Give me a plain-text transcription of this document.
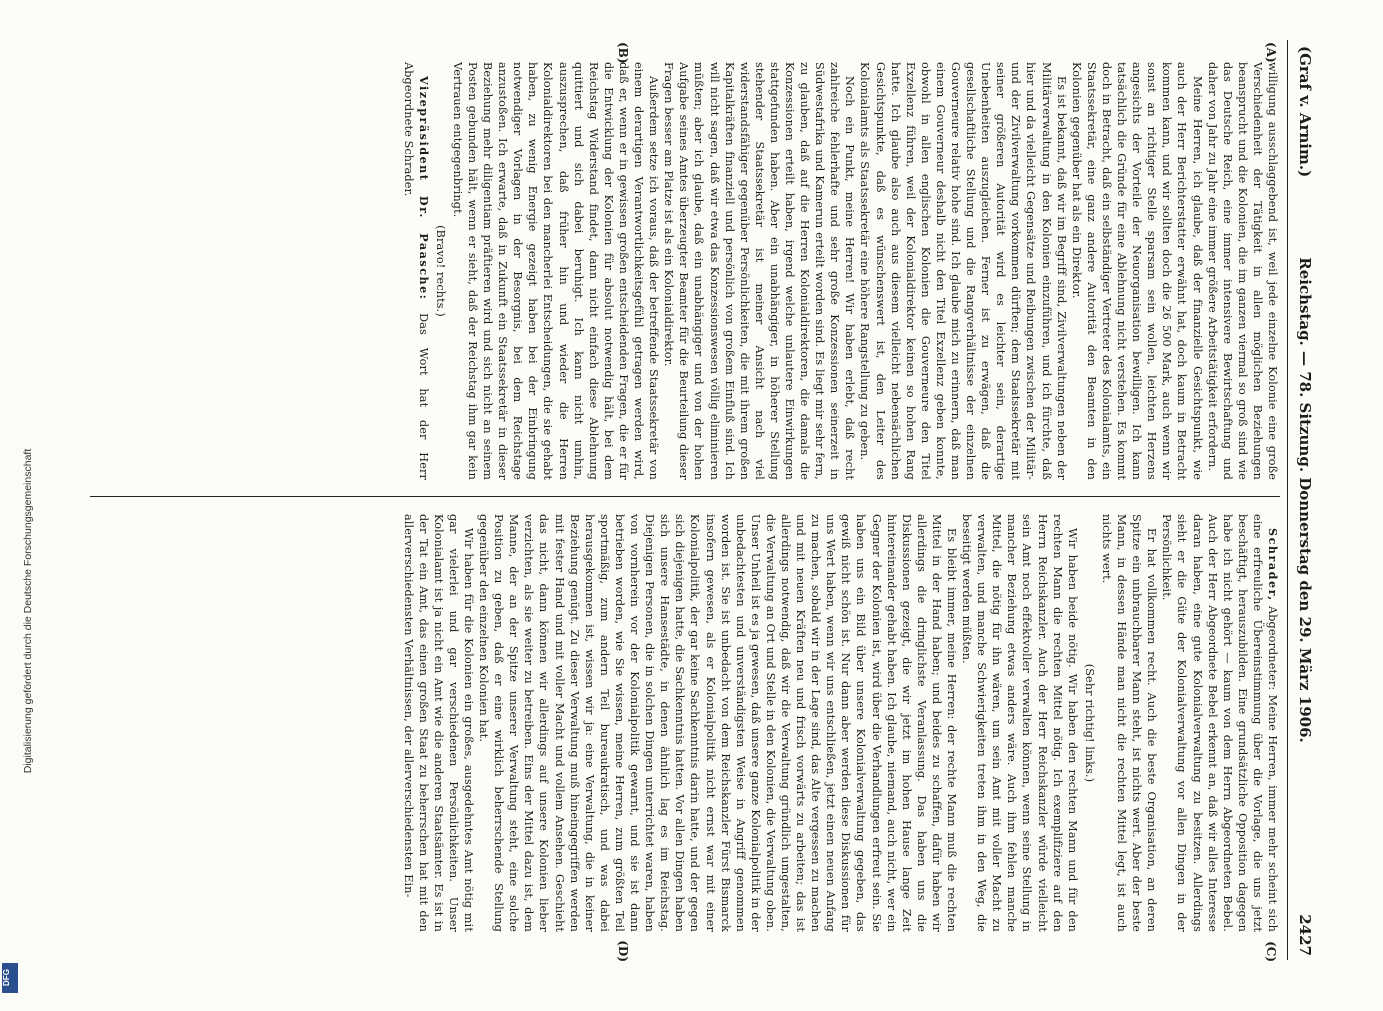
Digitalisierung gefördert durch die Deutsche Forschungsgemeinschaft
DFG
(Graf v. Arnim.)
Reichstag. — 78. Sitzung. Donnerstag den 29. März 1906.
2427
(A)
(B)
(C)
(D)

willigung ausschlaggebend ist, weil jede einzelne Kolonie eine große Verschiedenheit der Tätigkeit in allen möglichen Beziehungen beansprucht und die Kolonien, die im ganzen viermal so groß sind wie das Deutsche Reich, eine immer intensivere Bewirtschaftung und daher von Jahr zu Jahr eine immer größere Arbeitstätigkeit erfordern.

Meine Herren, ich glaube, daß der finanzielle Gesichtspunkt, wie auch der Herr Berichterstatter erwähnt hat, doch kaum in Betracht kommen kann, und wir sollten doch die 26 500 Mark, auch wenn wir sonst an richtiger Stelle sparsam sein wollen, leichten Herzens angesichts der Vorteile der Neuorganisation bewilligen. Ich kann tatsächlich die Gründe für eine Ablehnung nicht verstehen. Es kommt doch in Betracht, daß ein selbständiger Vertreter des Kolonialamts, ein Staatssekretär, eine ganz andere Autorität den Beamten in den Kolonien gegenüber hat als ein Direktor.

Es ist bekannt, daß wir im Begriff sind, Zivilverwaltungen neben der Militärverwaltung in den Kolonien einzuführen, und ich fürchte, daß hier und da vielleicht Gegensätze und Reibungen zwischen der Militär- und der Zivilverwaltung vorkommen dürften; dem Staatssekretär mit seiner größeren Autorität wird es leichter sein, derartige Unebenheiten auszugleichen. Ferner ist zu erwägen, daß die gesellschaftliche Stellung und die Rangverhältnisse der einzelnen Gouverneure relativ hohe sind. Ich glaube mich zu erinnern, daß man einem Gouverneur deshalb nicht den Titel Exzellenz geben konnte, obwohl in allen englischen Kolonien die Gouverneure den Titel Exzellenz führen, weil der Kolonialdirektor keinen so hohen Rang hatte. Ich glaube also auch aus diesem vielleicht nebensächlichen Gesichtspunkte, daß es wünschenswert ist, den Leiter des Kolonialamts als Staatssekretär eine höhere Rangstellung zu geben.

Noch ein Punkt, meine Herren! Wir haben erlebt, daß recht zahlreiche fehlerhafte und sehr große Konzessionen seinerzeit in Südwestafrika und Kamerun erteilt worden sind. Es liegt mir sehr fern, zu glauben, daß auf die Herren Kolonialdirektoren, die damals die Konzessionen erteilt haben, irgend welche unlautere Einwirkungen stattgefunden haben. Aber ein unabhängiger, in höherer Stellung stehender Staatssekretär ist meiner Ansicht nach viel widerstandsfähiger gegenüber Persönlichkeiten, die mit ihrem großen Kapitalkräften finanziell und persönlich von großem Einfluß sind. Ich will nicht sagen, daß wir etwa das Konzessionswesen völlig eliminieren müßten; aber ich glaube, daß ein unabhängiger und von der hohen Aufgabe seines Amtes überzeugter Beamter für die Beurteilung dieser Fragen besser am Platze ist als ein Kolonialdirektor.

Außerdem setze ich voraus, daß der betreffende Staatssekretär von einem derartigen Verantwortlichkeitsgefühl getragen werden wird, daß er, wenn er in gewissen großen entscheidenden Fragen, die er für die Entwicklung der Kolonien für absolut notwendig hält, bei dem Reichstag Widerstand findet, dann nicht einfach diese Ablehnung quittiert und sich dabei beruhigt. Ich kann nicht umhin, auszusprechen, daß früher hin und wieder die Herren Kolonialdirektoren bei den mancherlei Entscheidungen, die sie gehabt haben, zu wenig Energie gezeigt haben bei der Einbringung notwendiger Vorlagen in der Besorgnis, bei dem Reichstage anzustoßen. Ich erwarte, daß in Zukunft ein Staatssekretär in dieser Beziehung mehr diligentiam präftieren wird und sich nicht an seinem Posten gebunden hält, wenn er sieht, daß der Reichstag ihm gar kein Vertrauen entgegenbringt.

(Bravo! rechts.)

Vizepräsident Dr. Paasche: Das Wort hat der Herr Abgeordnete Schrader.

Schrader, Abgeordneter: Meine Herren, immer mehr scheint sich eine erfreuliche Übereinstimmung über die Vorlage, die uns jetzt beschäftigt, herauszubilden. Eine grundsätzliche Opposition dagegen habe ich nicht gehört — kaum von dem Herrn Abgeordneten Bebel. Auch der Herr Abgeordnete Bebel erkennt an, daß wir alles Interesse daran haben, eine gute Kolonialverwaltung zu besitzen. Allerdings sieht er die Güte der Kolonialverwaltung vor allen Dingen in der Persönlichkeit.

Er hat vollkommen recht. Auch die beste Organisation, an deren Spitze ein unbrauchbarer Mann steht, ist nichts wert. Aber der beste Mann, in dessen Hände man nicht die rechten Mittel legt, ist auch nichts wert.

(Sehr richtig! links.)

Wir haben beide nötig. Wir haben den rechten Mann und für den rechten Mann die rechten Mittel nötig. Ich exemplifiziere auf den Herrn Reichskanzler. Auch der Herr Reichskanzler würde vielleicht sein Amt noch effektvoller verwalten können, wenn seine Stellung in mancher Beziehung etwas anders wäre. Auch ihm fehlen manche Mittel, die nötig für ihn wären, um sein Amt mit voller Macht zu verwalten, und manche Schwierigkeiten treten ihm in den Weg, die beseitigt werden müßten.

Es bleibt immer, meine Herren: der rechte Mann muß die rechten Mittel in der Hand haben; und beides zu schaffen, dafür haben wir allerdings die dringlichste Veranlassung. Das haben uns die Diskussionen gezeigt, die wir jetzt im hohen Hause lange Zeit hintereinander gehabt haben. Ich glaube, niemand, auch nicht, wer ein Gegner der Kolonien ist, wird über die Verhandlungen erfreut sein. Sie haben uns ein Bild über unsere Kolonialverwaltung gegeben, das gewiß nicht schön ist. Nur dann aber werden diese Diskussionen für uns Wert haben, wenn wir uns entschließen, jetzt einen neuen Anfang zu machen, sobald wir in der Lage sind, das Alte vergessen zu machen und mit neuen Kräften neu und frisch vorwärts zu arbeiten; das ist allerdings notwendig, daß wir die Verwaltung gründlich umgestalten, die Verwaltung an Ort und Stelle in den Kolonien, die Verwaltung oben. Unser Unheil ist es ja gewesen, daß unsere ganze Kolonialpolitik in der unbedachtesten und unverständigsten Weise in Angriff genommen worden ist. Sie ist unbedacht von dem Reichskanzler Fürst Bismarck insofern gewesen, als er Kolonialpolitik nicht ernst war mit einer Kolonialpolitik, der gar keine Sachkenntnis darin hatte, und der gegen sich diejenigen hatte, die Sachkenntnis hatten. Vor allen Dingen haben sich unsere Hansestädte, in denen ähnlich lag es im Reichstag. Diejenigen Personen, die in solchen Dingen unterrichtet waren, haben von vornherein vor der Kolonialpolitik gewarnt, und sie ist dann betrieben worden, wie Sie wissen, meine Herren, zum größten Teil sportmäßig, zum andern Teil bureaukratisch, und was dabei herausgekommen ist, wissen wir ja: eine Verwaltung, die in keiner Beziehung genügt. Zu dieser Verwaltung muß hineingegriffen werden mit fester Hand und mit voller Macht und vollem Ansehen. Geschieht das nicht, dann können wir allerdings auf unsere Kolonien lieber verzichten, als sie weiter zu betreiben. Eins der Mittel dazu ist, dem Manne, der an der Spitze unserer Verwaltung steht, eine solche Position zu geben, daß er eine wirklich beherrschende Stellung gegenüber den einzelnen Kolonien hat.

Wir haben für die Kolonien ein großes, ausgedehntes Amt nötig mit gar vielerlei und gar verschiedenen Persönlichkeiten. Unser Kolonialamt ist ja nicht ein Amt wie die anderen Staatsämter. Es ist in der Tat ein Amt, das einen großen Staat zu beherrschen hat mit den allerverschiedensten Verhältnissen, der allerverschiedensten Ein-
